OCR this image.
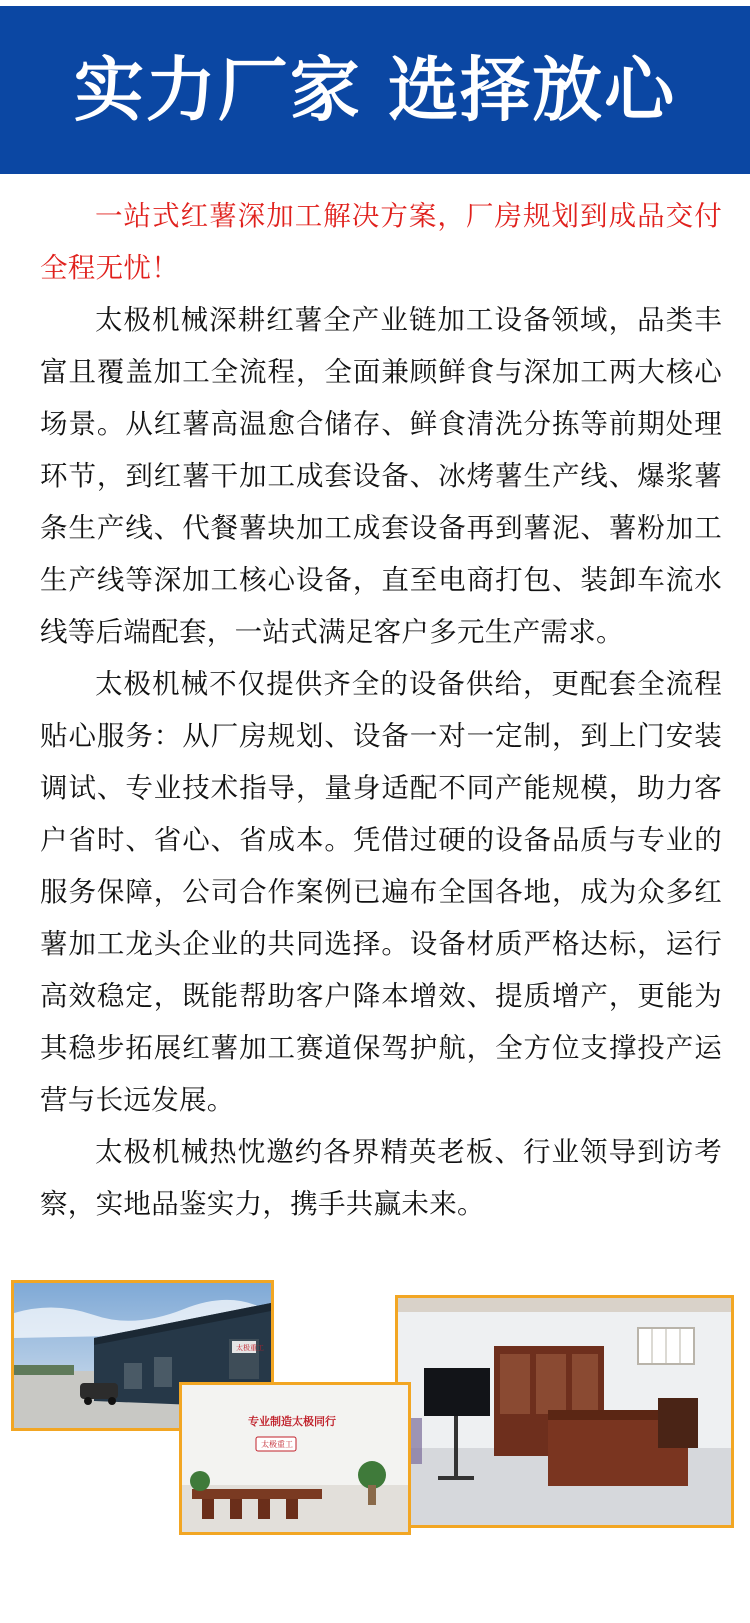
实力厂家 选择放心

一站式红薯深加工解决方案，厂房规划到成品交付全程无忧！

太极机械深耕红薯全产业链加工设备领域，品类丰富且覆盖加工全流程，全面兼顾鲜食与深加工两大核心场景。从红薯高温愈合储存、鲜食清洗分拣等前期处理环节，到红薯干加工成套设备、冰烤薯生产线、爆浆薯条生产线、代餐薯块加工成套设备再到薯泥、薯粉加工生产线等深加工核心设备，直至电商打包、装卸车流水线等后端配套，一站式满足客户多元生产需求。

太极机械不仅提供齐全的设备供给，更配套全流程贴心服务：从厂房规划、设备一对一定制，到上门安装调试、专业技术指导，量身适配不同产能规模，助力客户省时、省心、省成本。凭借过硬的设备品质与专业的服务保障，公司合作案例已遍布全国各地，成为众多红薯加工龙头企业的共同选择。设备材质严格达标，运行高效稳定，既能帮助客户降本增效、提质增产，更能为其稳步拓展红薯加工赛道保驾护航，全方位支撑投产运营与长远发展。

太极机械热忱邀约各界精英老板、行业领导到访考察，实地品鉴实力，携手共赢未来。

太极重工
专业制造太极同行
太极重工
